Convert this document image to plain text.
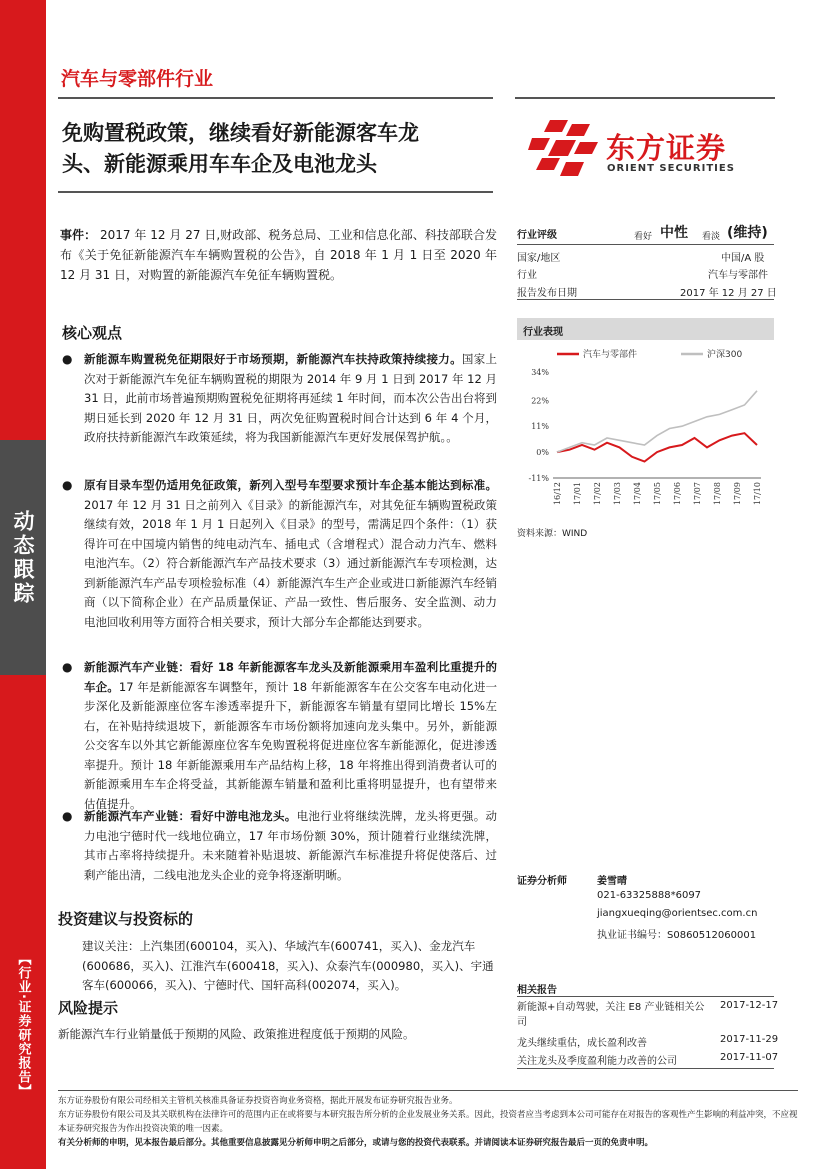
动态跟踪
【行业·证券研究报告】
汽车与零部件行业
免购置税政策，继续看好新能源客车龙
头、新能源乘用车车企及电池龙头	东方证券
ORIENT SECURITIES
事件： 2017 年 12 月 27 日,财政部、税务总局、工业和信息化部、科技部联合发布《关于免征新能源汽车车辆购置税的公告》，自 2018 年 1 月 1 日至 2020 年 12 月 31 日，对购置的新能源汽车免征车辆购置税。
核心观点
● 新能源车购置税免征期限好于市场预期，新能源汽车扶持政策持续接力。国家上次对于新能源汽车免征车辆购置税的期限为 2014 年 9 月 1 日到 2017 年 12 月 31 日，此前市场普遍预期购置税免征期将再延续 1 年时间，而本次公告出台将到期日延长到 2020 年 12 月 31 日，两次免征购置税时间合计达到 6 年 4 个月，政府扶持新能源汽车政策延续，将为我国新能源汽车更好发展保驾护航。。
● 原有目录车型仍适用免征政策，新列入型号车型要求预计车企基本能达到标准。2017 年 12 月 31 日之前列入《目录》的新能源汽车，对其免征车辆购置税政策继续有效，2018 年 1 月 1 日起列入《目录》的型号，需满足四个条件：（1）获得许可在中国境内销售的纯电动汽车、插电式（含增程式）混合动力汽车、燃料电池汽车。（2）符合新能源汽车产品技术要求（3）通过新能源汽车专项检测，达到新能源汽车产品专项检验标准（4）新能源汽车生产企业或进口新能源汽车经销商（以下简称企业）在产品质量保证、产品一致性、售后服务、安全监测、动力电池回收利用等方面符合相关要求，预计大部分车企都能达到要求。
● 新能源汽车产业链：看好 18 年新能源客车龙头及新能源乘用车盈利比重提升的车企。17 年是新能源客车调整年，预计 18 年新能源客车在公交客车电动化进一步深化及新能源座位客车渗透率提升下，新能源客车销量有望同比增长 15%左右，在补贴持续退坡下，新能源客车市场份额将加速向龙头集中。另外，新能源公交客车以外其它新能源座位客车免购置税将促进座位客车新能源化，促进渗透率提升。预计 18 年新能源乘用车产品结构上移，18 年将推出得到消费者认可的新能源乘用车车企将受益，其新能源车销量和盈利比重将明显提升，也有望带来估值提升。
● 新能源汽车产业链：看好中游电池龙头。电池行业将继续洗牌，龙头将更强。动力电池宁德时代一线地位确立，17 年市场份额 30%，预计随着行业继续洗牌，其市占率将持续提升。未来随着补贴退坡、新能源汽车标准提升将促使落后、过剩产能出清，二线电池龙头企业的竞争将逐渐明晰。
投资建议与投资标的
建议关注：上汽集团(600104，买入)、华域汽车(600741，买入)、金龙汽车(600686，买入)、江淮汽车(600418，买入)、众泰汽车(000980，买入)、宇通客车(600066，买入)、宁德时代、国轩高科(002074，买入)。
风险提示
新能源汽车行业销量低于预期的风险、政策推进程度低于预期的风险。
行业评级	看好 中性 看淡 (维持)
国家/地区	中国/A 股
行业	汽车与零部件
报告发布日期	2017 年 12 月 27 日
行业表现
汽车与零部件	沪深300
34%
22%
11%
0%
-11%
16/12 17/01 17/02 17/03 17/04 17/05 17/06 17/07 17/08 17/09 17/10
资料来源：WIND
证券分析师	姜雪晴
021-63325888*6097
jiangxueqing@orientsec.com.cn
执业证书编号：S0860512060001
相关报告
新能源+自动驾驶，关注 E8 产业链相关公司
2017-12-17
龙头继续重估，成长盈利改善	2017-11-29
关注龙头及季度盈利能力改善的公司	2017-11-07
东方证券股份有限公司经相关主管机关核准具备证券投资咨询业务资格，据此开展发布证券研究报告业务。
东方证券股份有限公司及其关联机构在法律许可的范围内正在或将要与本研究报告所分析的企业发展业务关系。因此，投资者应当考虑到本公司可能存在对报告的客观性产生影响的利益冲突，不应视本证券研究报告为作出投资决策的唯一因素。
有关分析师的申明，见本报告最后部分。其他重要信息披露见分析师申明之后部分，或请与您的投资代表联系。并请阅读本证券研究报告最后一页的免责申明。
